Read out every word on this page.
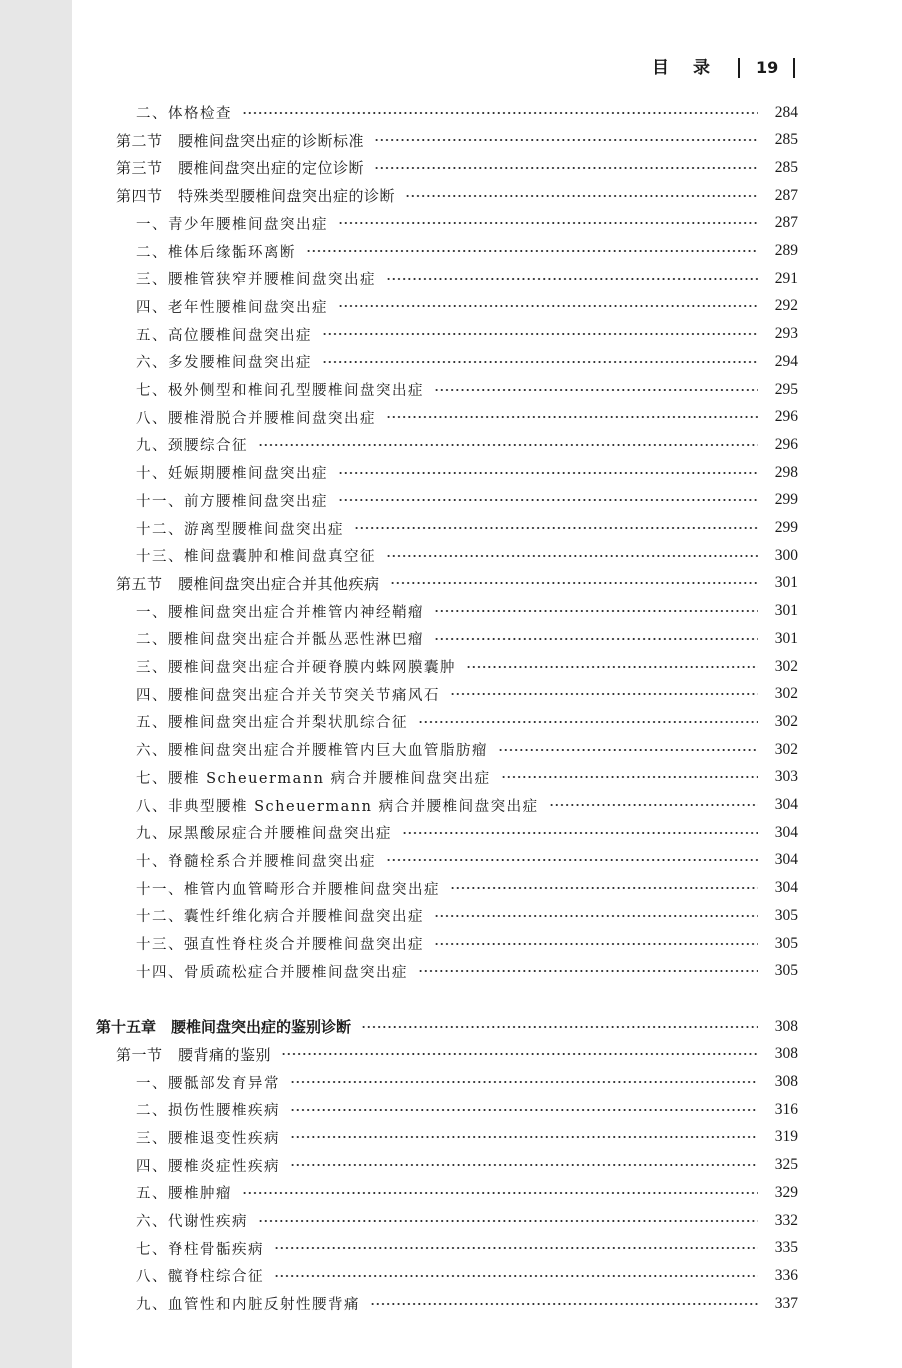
目录 19
二、体格检查	284
第二节　腰椎间盘突出症的诊断标准	285
第三节　腰椎间盘突出症的定位诊断	285
第四节　特殊类型腰椎间盘突出症的诊断	287
一、青少年腰椎间盘突出症	287
二、椎体后缘骺环离断	289
三、腰椎管狭窄并腰椎间盘突出症	291
四、老年性腰椎间盘突出症	292
五、高位腰椎间盘突出症	293
六、多发腰椎间盘突出症	294
七、极外侧型和椎间孔型腰椎间盘突出症	295
八、腰椎滑脱合并腰椎间盘突出症	296
九、颈腰综合征	296
十、妊娠期腰椎间盘突出症	298
十一、前方腰椎间盘突出症	299
十二、游离型腰椎间盘突出症	299
十三、椎间盘囊肿和椎间盘真空征	300
第五节　腰椎间盘突出症合并其他疾病	301
一、腰椎间盘突出症合并椎管内神经鞘瘤	301
二、腰椎间盘突出症合并骶丛恶性淋巴瘤	301
三、腰椎间盘突出症合并硬脊膜内蛛网膜囊肿	302
四、腰椎间盘突出症合并关节突关节痛风石	302
五、腰椎间盘突出症合并梨状肌综合征	302
六、腰椎间盘突出症合并腰椎管内巨大血管脂肪瘤	302
七、腰椎 Scheuermann 病合并腰椎间盘突出症	303
八、非典型腰椎 Scheuermann 病合并腰椎间盘突出症	304
九、尿黑酸尿症合并腰椎间盘突出症	304
十、脊髓栓系合并腰椎间盘突出症	304
十一、椎管内血管畸形合并腰椎间盘突出症	304
十二、囊性纤维化病合并腰椎间盘突出症	305
十三、强直性脊柱炎合并腰椎间盘突出症	305
十四、骨质疏松症合并腰椎间盘突出症	305
第十五章　腰椎间盘突出症的鉴别诊断	308
第一节　腰背痛的鉴别	308
一、腰骶部发育异常	308
二、损伤性腰椎疾病	316
三、腰椎退变性疾病	319
四、腰椎炎症性疾病	325
五、腰椎肿瘤	329
六、代谢性疾病	332
七、脊柱骨骺疾病	335
八、髋脊柱综合征	336
九、血管性和内脏反射性腰背痛	337
